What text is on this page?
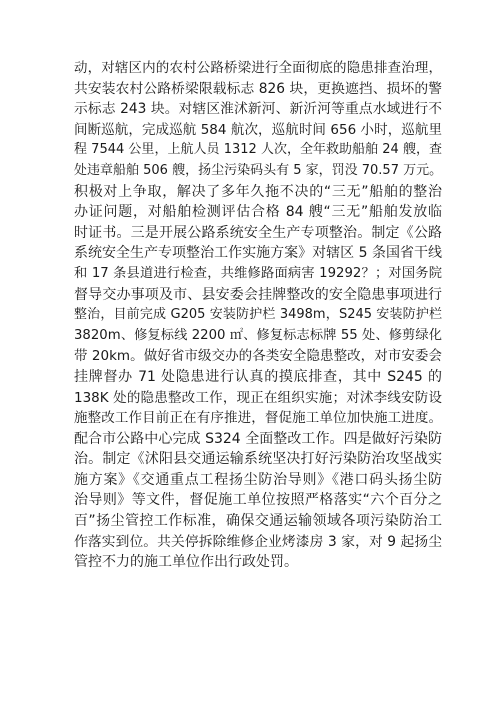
动，对辖区内的农村公路桥梁进行全面彻底的隐患排查治理，
共安装农村公路桥梁限载标志 826 块，更换遮挡、损坏的警
示标志 243 块。对辖区淮沭新河、新沂河等重点水域进行不
间断巡航，完成巡航 584 航次，巡航时间 656 小时，巡航里
程 7544 公里，上航人员 1312 人次，全年救助船舶 24 艘，查
处违章船舶 506 艘，扬尘污染码头有 5 家，罚没 70.57 万元。
积极对上争取，解决了多年久拖不决的“三无”船舶的整治
办证问题，对船舶检测评估合格 84 艘“三无”船舶发放临
时证书。三是开展公路系统安全生产专项整治。制定《公路
系统安全生产专项整治工作实施方案》对辖区 5 条国省干线
和 17 条县道进行检查，共维修路面病害 19292？；对国务院
督导交办事项及市、县安委会挂牌整改的安全隐患事项进行
整治，目前完成 G205 安装防护栏 3498m，S245 安装防护栏
3820m、修复标线 2200 ㎡、修复标志标牌 55 处、修剪绿化
带 20km。做好省市级交办的各类安全隐患整改，对市安委会
挂牌督办 71 处隐患进行认真的摸底排查，其中 S245 的
138K 处的隐患整改工作，现正在组织实施；对沭李线安防设
施整改工作目前正在有序推进，督促施工单位加快施工进度。
配合市公路中心完成 S324 全面整改工作。四是做好污染防
治。制定《沭阳县交通运输系统坚决打好污染防治攻坚战实
施方案》《交通重点工程扬尘防治导则》《港口码头扬尘防
治导则》等文件，督促施工单位按照严格落实“六个百分之
百”扬尘管控工作标准，确保交通运输领域各项污染防治工
作落实到位。共关停拆除维修企业烤漆房 3 家，对 9 起扬尘
管控不力的施工单位作出行政处罚。
